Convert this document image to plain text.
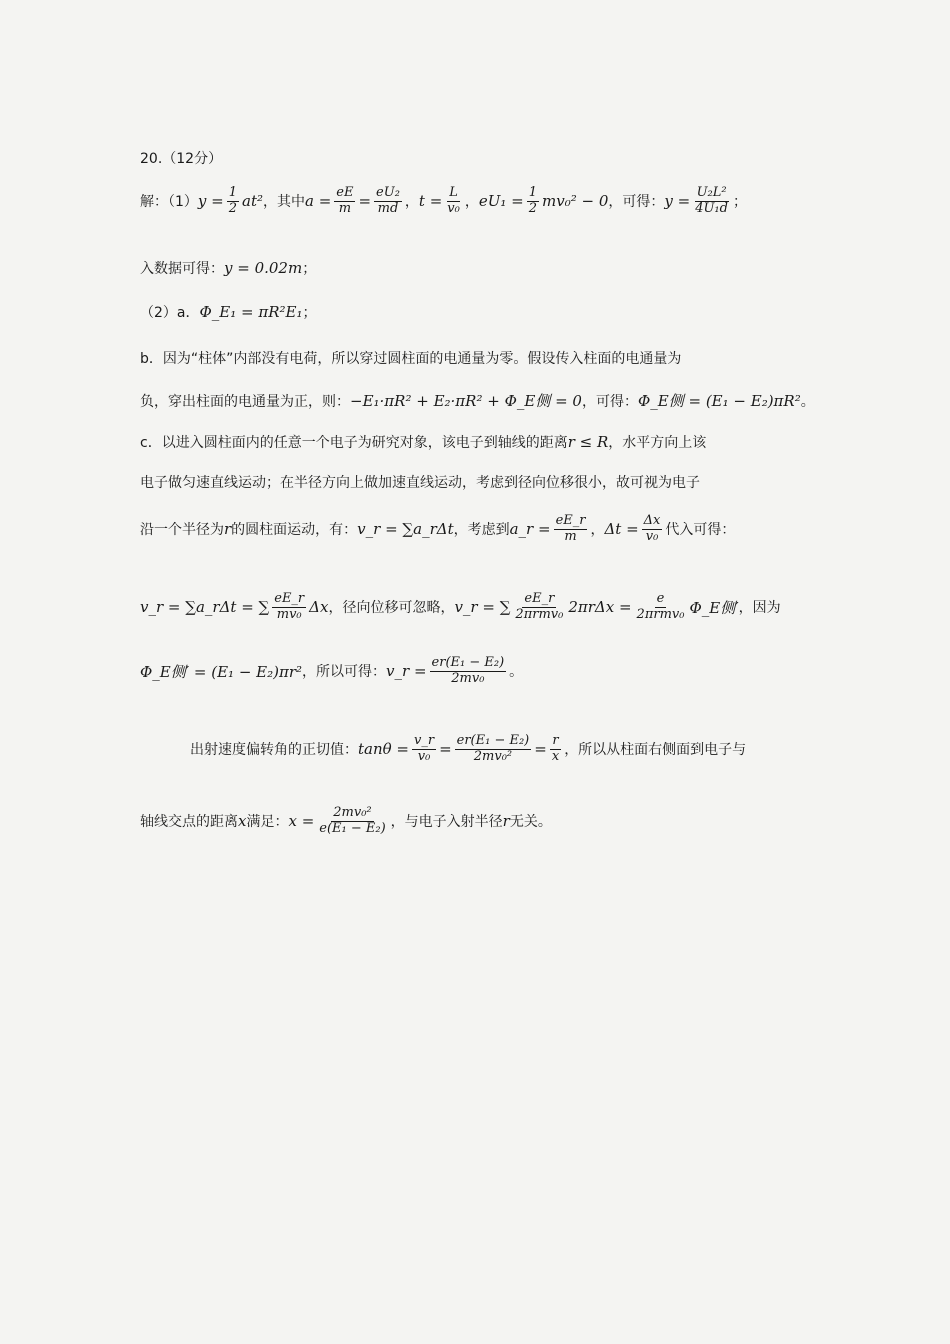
20.（12分）
解：（1） $y = \frac{1}{2} at^2$ ，其中 $a = \frac{eE}{m} = \frac{\text{eU₂}}{md}$ ， $t = \frac{L}{\text{v₀}}$ ， $eU_1 = \frac{1}{2} mv_0^2 - 0$ ，可得： $y = \frac{\text{U₂L²}}{\text{4U₁d}}$ ；
入数据可得： y = 0.02m ；
（2）a． Φ_E₁ = πR²E₁ ；
b．因为“柱体”内部没有电荷，所以穿过圆柱面的电通量为零。假设传入柱面的电通量为
负，穿出柱面的电通量为正，则： −E₁·πR² + E₂·πR² + Φ_E侧 = 0 ，可得： Φ_E侧 = (E₁ − E₂)πR² 。
c．以进入圆柱面内的任意一个电子为研究对象，该电子到轴线的距离 r ≤ R ，水平方向上该
电子做匀速直线运动；在半径方向上做加速直线运动，考虑到径向位移很小，故可视为电子
沿一个半径为 r 的圆柱面运动，有： v_r = ∑a_rΔt ，考虑到 a_r = $\frac{eE\_r}{m}$ ， $\Delta t = \frac{\Delta x}{\text{v₀}}$ 代入可得：
v_r = ∑a_rΔt = ∑ $\frac{eE\_r}{\text{mv₀}}$ Δx ，径向位移可忽略， v_r = ∑ $\frac{eE\_r}{\text{2πrmv₀}} 2\pi r\Delta x = \frac{e}{\text{2πrmv₀}}$ Φ_E侧′ ，因为
Φ_E侧′ = (E₁ − E₂)πr² ，所以可得： v_r = $\frac{\text{er(E₁ − E₂)}}{\text{2mv₀}}$ 。
出射速度偏转角的正切值： $\tan\theta = \frac{v\_r}{\text{v₀}} = \frac{\text{er(E₁ − E₂)}}{\text{2mv₀²}} = \frac{r}{x}$ ，所以从柱面右侧面到电子与
轴线交点的距离 x 满足： $x = \frac{\text{2mv₀²}}{\text{e(E₁ − E₂)}}$ ，与电子入射半径 r 无关。
